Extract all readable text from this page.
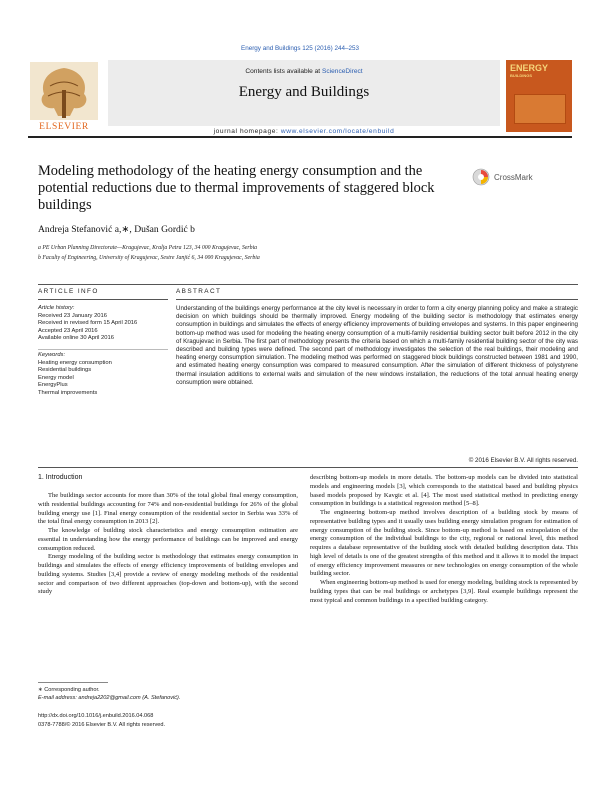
Energy and Buildings 125 (2016) 244–253
ELSEVIER
Contents lists available at ScienceDirect
Energy and Buildings
journal homepage: www.elsevier.com/locate/enbuild
ENERGY
BUILDINGS
Modeling methodology of the heating energy consumption and the potential reductions due to thermal improvements of staggered block buildings
CrossMark
Andreja Stefanović a,∗, Dušan Gordić b
a PE Urban Planning Directorate—Kragujevac, Kralja Petra 123, 34 000 Kragujevac, Serbia
b Faculty of Engineering, University of Kragujevac, Sestre Janjić 6, 34 000 Kragujevac, Serbia
ARTICLE INFO
Article history:
Received 23 January 2016
Received in revised form 15 April 2016
Accepted 23 April 2016
Available online 30 April 2016
Keywords:
Heating energy consumption
Residential buildings
Energy model
EnergyPlus
Thermal improvements
ABSTRACT
Understanding of the buildings energy performance at the city level is necessary in order to form a city energy planning policy and make a strategic decision on which buildings should be thermally improved. Energy modeling of the building sector is methodology that estimates energy consumption in buildings and simulates the effects of energy efficiency improvements of building envelopes and systems. In this paper engineering bottom-up method was used for modeling the heating energy consumption of a multi-family residential building sector built before 2012 in the city of Kragujevac in Serbia. The first part of methodology presents the criteria based on which a multi-family residential building sector of the city was described and building types were defined. The second part of methodology investigates the selection of the real buildings, their modeling and heating energy consumption simulation. The modeling method was performed on staggered block buildings constructed between 1981 and 1990, and estimated heating energy consumption was compared to measured consumption. After the simulation of different thickness of polystyrene thermal insulation additions to external walls and simulation of the new windows installation, the reductions of the total annual heating energy consumption were obtained.
© 2016 Elsevier B.V. All rights reserved.
1. Introduction

The buildings sector accounts for more than 30% of the total global final energy consumption, with residential buildings accounting for 74% and non-residential buildings for 26% of the global building energy use [1]. Final energy consumption of the residential sector in Serbia was 33% of the total final energy consumption in 2013 [2].

The knowledge of building stock characteristics and energy consumption estimation are essential in understanding how the energy performance of buildings can be improved and energy consumption reduced.

Energy modeling of the building sector is methodology that estimates energy consumption in buildings and simulates the effects of energy efficiency improvements of building envelopes and building systems. Studies [3,4] provide a review of energy modeling methods of the residential sector and comparison of two different approaches (top-down and bottom-up), with the second study

describing bottom-up models in more details. The bottom-up models can be divided into statistical models and engineering models [3], which corresponds to the statistical based and building physics based models proposed by Kavgic et al. [4]. The most used statistical method in predicting energy consumption in buildings is a statistical regression method [5–8].

The engineering bottom-up method involves description of a building stock by means of representative building types and it usually uses building energy simulation program for estimation of energy consumption of the building stock. Since bottom-up method is based on extrapolation of the energy consumption of the individual buildings to the city, regional or national level, this method requires a database representative of the building stock with detailed building description data. This high level of details is one of the greatest strengths of this method and it allows it to model the impact of energy efficiency improvement measures or new technologies on energy consumption of the whole building sector.

When engineering bottom-up method is used for energy modeling, building stock is represented by building types that can be real buildings or archetypes [3,9]. Real example buildings represent the most typical and common buildings in a specified building category.

∗ Corresponding author.
E-mail address: andreja2202@gmail.com (A. Stefanović).
http://dx.doi.org/10.1016/j.enbuild.2016.04.068
0378-7788/© 2016 Elsevier B.V. All rights reserved.
